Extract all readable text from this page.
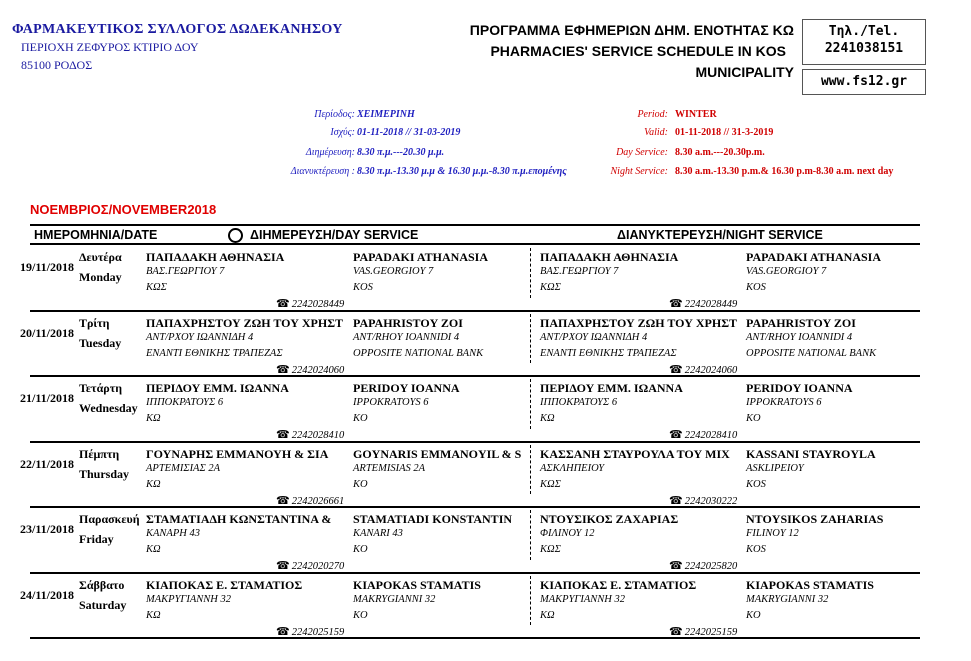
ΦΑΡΜΑΚΕΥΤΙΚΟΣ ΣΥΛΛΟΓΟΣ ΔΩΔΕΚΑΝΗΣΟΥ
ΠΕΡΙΟΧΗ ΖΕΦΥΡΟΣ ΚΤΙΡΙΟ ΔΟΥ
85100 ΡΟΔΟΣ
ΠΡΟΓΡΑΜΜΑ ΕΦΗΜΕΡΙΩΝ ΔΗΜ. ΕΝΟΤΗΤΑΣ ΚΩ
PHARMACIES' SERVICE SCHEDULE IN KOS
MUNICIPALITY
Τηλ./Tel.
2241038151
www.fs12.gr
Περίοδος: ΧΕΙΜΕΡΙΝΗ
Ισχύς: 01-11-2018 // 31-03-2019
Διημέρευση: 8.30 π.μ.---20.30 μ.μ.
Διανυκτέρευση : 8.30 π.μ.-13.30 μ.μ & 16.30 μ.μ.-8.30 π.μ.επομένης
Period: WINTER
Valid: 01-11-2018 // 31-3-2019
Day Service: 8.30 a.m.---20.30p.m.
Night Service: 8.30 a.m.-13.30 p.m.& 16.30 p.m-8.30 a.m. next day
ΝΟΕΜΒΡΙΟΣ/NOVEMBER2018
ΗΜΕΡΟΜΗΝΙΑ/DATE	ΔΙΗΜΕΡΕΥΣΗ/DAY SERVICE	ΔΙΑΝΥΚΤΕΡΕΥΣΗ/NIGHT SERVICE
19/11/2018
Δευτέρα
Monday
ΠΑΠΑΔΑΚΗ ΑΘΗΝΑΣΙΑ
ΒΑΣ.ΓΕΩΡΓΙΟΥ 7
ΚΩΣ
PAPADAKI ATHANASIA
VAS.GEORGIOY 7
KOS
☎ 2242028449
ΠΑΠΑΔΑΚΗ ΑΘΗΝΑΣΙΑ
ΒΑΣ.ΓΕΩΡΓΙΟΥ 7
ΚΩΣ
PAPADAKI ATHANASIA
VAS.GEORGIOY 7
KOS
☎ 2242028449
20/11/2018
Τρίτη
Tuesday
ΠΑΠΑΧΡΗΣΤΟΥ ΖΩΗ ΤΟΥ ΧΡΗΣΤ
ΑΝΤ/ΡΧΟΥ ΙΩΑΝΝΙΔΗ 4
ΕΝΑΝΤΙ ΕΘΝΙΚΗΣ ΤΡΑΠΕΖΑΣ
PAPAHRISTOY ZOI
ANT/RHOY IOANNIDI 4
OPPOSITE NATIONAL BANK
☎ 2242024060
ΠΑΠΑΧΡΗΣΤΟΥ ΖΩΗ ΤΟΥ ΧΡΗΣΤ
ΑΝΤ/ΡΧΟΥ ΙΩΑΝΝΙΔΗ 4
ΕΝΑΝΤΙ ΕΘΝΙΚΗΣ ΤΡΑΠΕΖΑΣ
PAPAHRISTOY ZOI
ANT/RHOY IOANNIDI 4
OPPOSITE NATIONAL BANK
☎ 2242024060
21/11/2018
Τετάρτη
Wednesday
ΠΕΡΙΔΟΥ ΕΜΜ. ΙΩΑΝΝΑ
ΙΠΠΟΚΡΑΤΟΥΣ 6
ΚΩ
PERIDOY IOANNA
IPPOKRATOYS 6
KO
☎ 2242028410
ΠΕΡΙΔΟΥ ΕΜΜ. ΙΩΑΝΝΑ
ΙΠΠΟΚΡΑΤΟΥΣ 6
ΚΩ
PERIDOY IOANNA
IPPOKRATOYS 6
KO
☎ 2242028410
22/11/2018
Πέμπτη
Thursday
ΓΟΥΝΑΡΗΣ ΕΜΜΑΝΟΥΗ & ΣΙΑ
ΑΡΤΕΜΙΣΙΑΣ 2Α
ΚΩ
GOYNARIS EMMANOYIL & S
ARTEMISIAS 2A
KO
☎ 2242026661
ΚΑΣΣΑΝΗ ΣΤΑΥΡΟΥΛΑ ΤΟΥ ΜΙΧ
ΑΣΚΛΗΠΕΙΟΥ
ΚΩΣ
KASSANI STAYROYLA
ASKLIPEIOY
KOS
☎ 2242030222
23/11/2018
Παρασκευή
Friday
ΣΤΑΜΑΤΙΑΔΗ ΚΩΝΣΤΑΝΤΙΝΑ &
ΚΑΝΑΡΗ 43
ΚΩ
STAMATIADI KONSTANTIN
KANARI 43
KO
☎ 2242020270
ΝΤΟΥΣΙΚΟΣ ΖΑΧΑΡΙΑΣ
ΦΙΛΙΝΟΥ 12
ΚΩΣ
NTOYSIKOS ZAHARIAS
FILINOY 12
KOS
☎ 2242025820
24/11/2018
Σάββατο
Saturday
ΚΙΑΠΟΚΑΣ Ε. ΣΤΑΜΑΤΙΟΣ
ΜΑΚΡΥΓΙΑΝΝΗ 32
ΚΩ
KIAPOKAS STAMATIS
MAKRYGIANNI 32
KO
☎ 2242025159
ΚΙΑΠΟΚΑΣ Ε. ΣΤΑΜΑΤΙΟΣ
ΜΑΚΡΥΓΙΑΝΝΗ 32
ΚΩ
KIAPOKAS STAMATIS
MAKRYGIANNI 32
KO
☎ 2242025159
